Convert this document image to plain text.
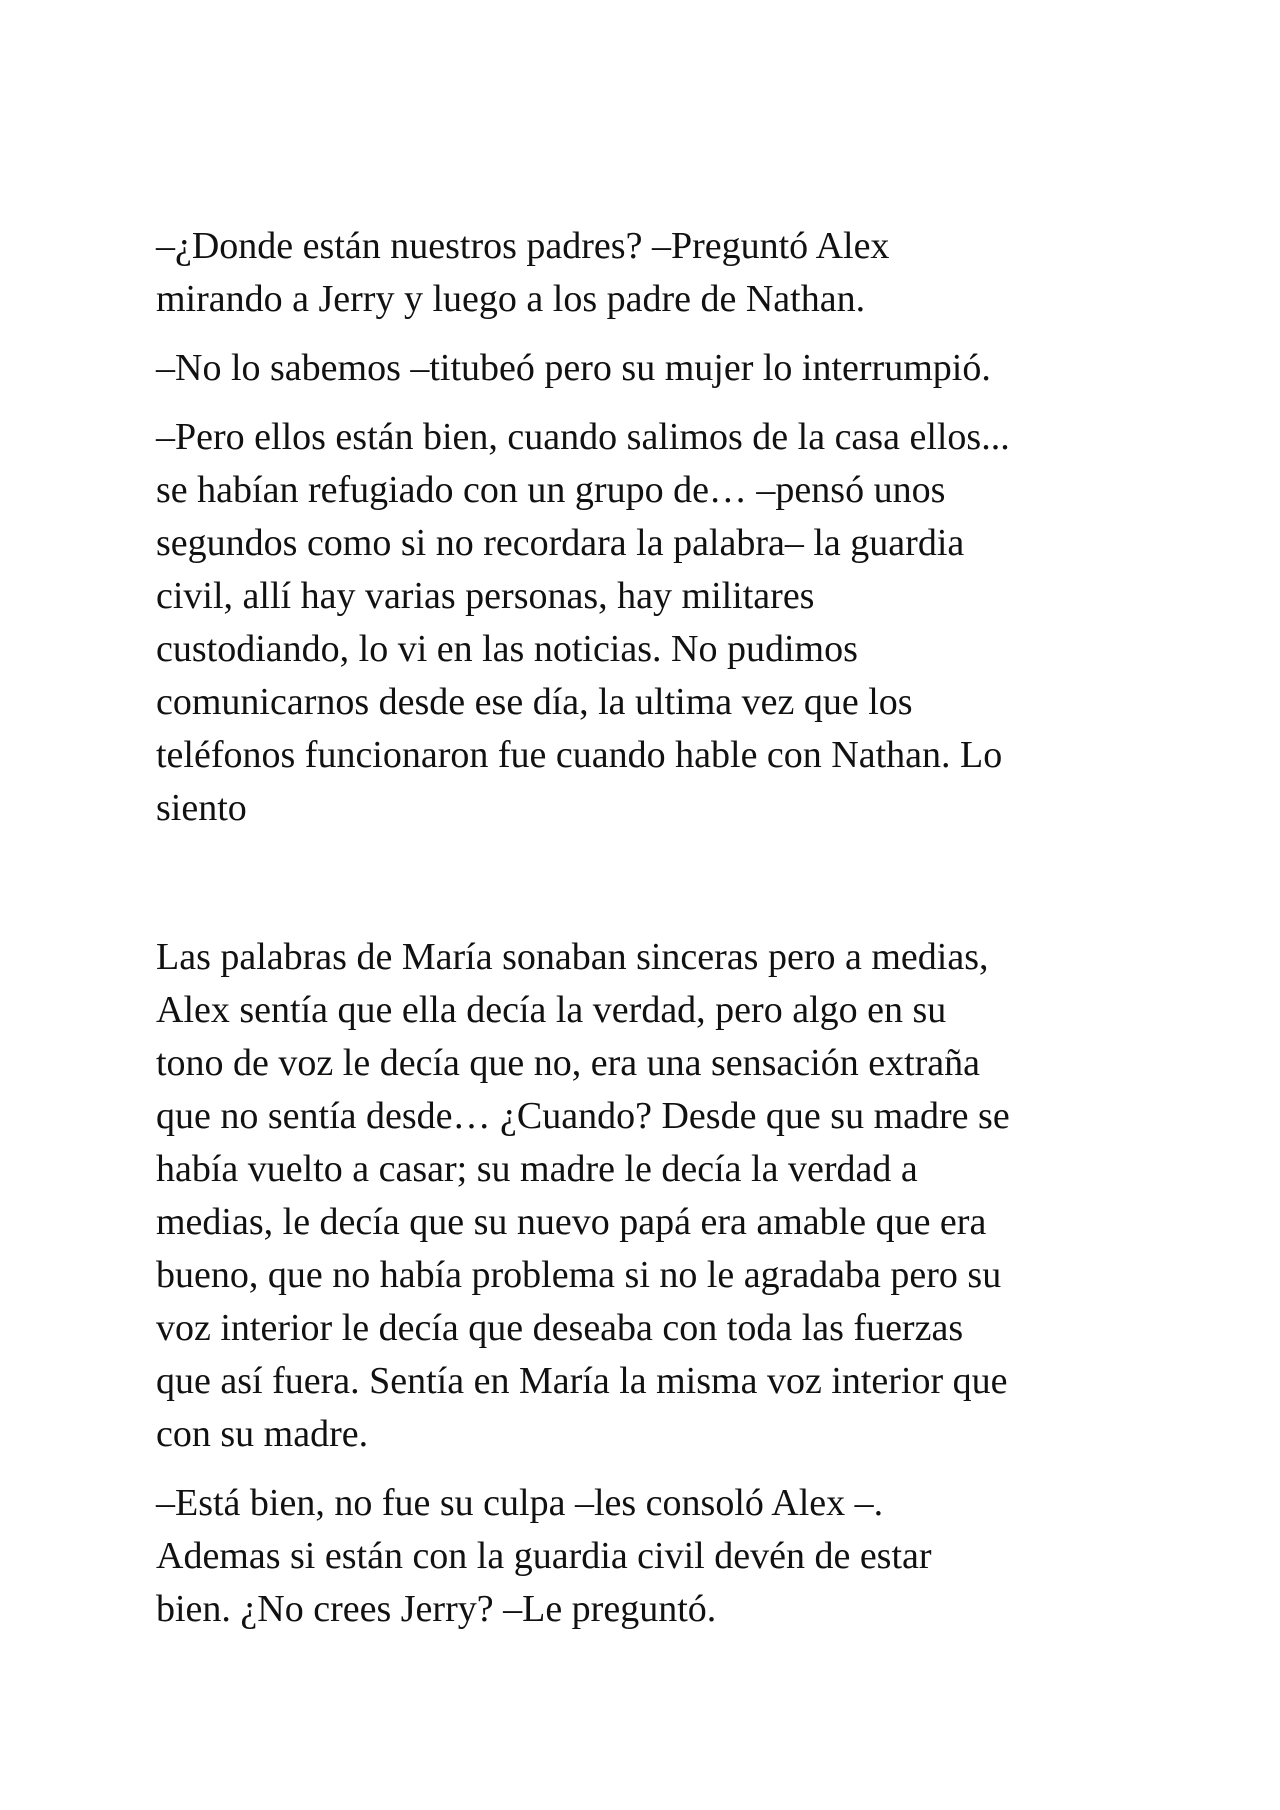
–¿Donde están nuestros padres? –Preguntó Alex
mirando a Jerry y luego a los padre de Nathan.
–No lo sabemos –titubeó pero su mujer lo interrumpió.
–Pero ellos están bien, cuando salimos de la casa ellos...
se habían refugiado con un grupo de… –pensó unos
segundos como si no recordara la palabra– la guardia
civil, allí hay varias personas, hay militares
custodiando, lo vi en las noticias. No pudimos
comunicarnos desde ese día, la ultima vez que los
teléfonos funcionaron fue cuando hable con Nathan. Lo
siento
Las palabras de María sonaban sinceras pero a medias,
Alex sentía que ella decía la verdad, pero algo en su
tono de voz le decía que no, era una sensación extraña
que no sentía desde… ¿Cuando? Desde que su madre se
había vuelto a casar; su madre le decía la verdad a
medias, le decía que su nuevo papá era amable que era
bueno, que no había problema si no le agradaba pero su
voz interior le decía que deseaba con toda las fuerzas
que así fuera. Sentía en María la misma voz interior que
con su madre.
–Está bien, no fue su culpa –les consoló Alex –.
Ademas si están con la guardia civil devén de estar
bien. ¿No crees Jerry? –Le preguntó.
